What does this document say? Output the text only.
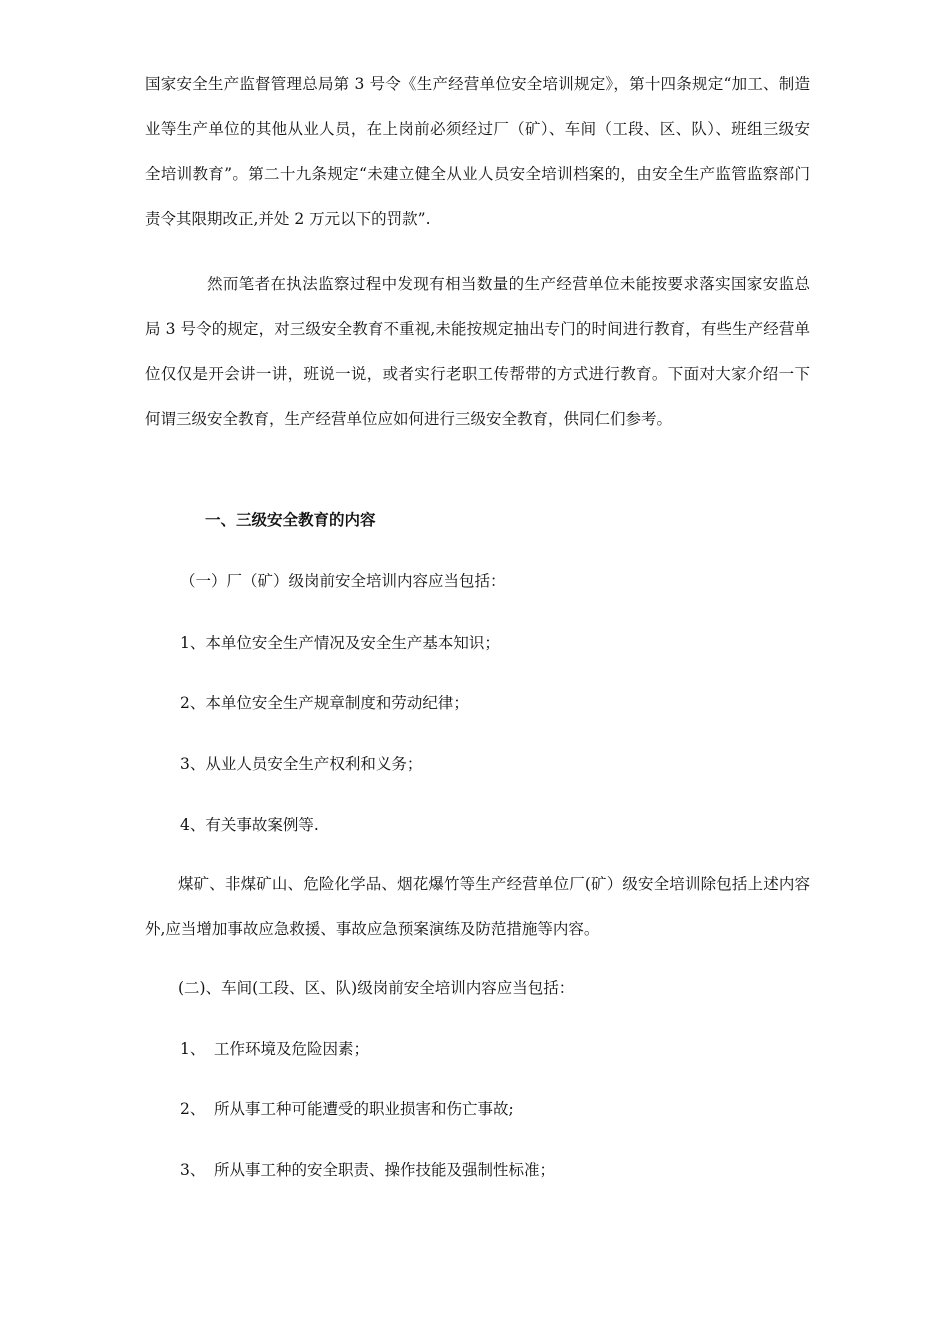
国家安全生产监督管理总局第 3 号令《生产经营单位安全培训规定》，第十四条规定“加工、制造业等生产单位的其他从业人员，在上岗前必须经过厂（矿）、车间（工段、区、队）、班组三级安全培训教育”。第二十九条规定“未建立健全从业人员安全培训档案的，由安全生产监管监察部门责令其限期改正,并处 2 万元以下的罚款”.

然而笔者在执法监察过程中发现有相当数量的生产经营单位未能按要求落实国家安监总局 3 号令的规定，对三级安全教育不重视,未能按规定抽出专门的时间进行教育，有些生产经营单位仅仅是开会讲一讲，班说一说，或者实行老职工传帮带的方式进行教育。下面对大家介绍一下何谓三级安全教育，生产经营单位应如何进行三级安全教育，供同仁们参考。

一、三级安全教育的内容

（一）厂（矿）级岗前安全培训内容应当包括：

1、本单位安全生产情况及安全生产基本知识；

2、本单位安全生产规章制度和劳动纪律；

3、从业人员安全生产权利和义务；

4、有关事故案例等.

煤矿、非煤矿山、危险化学品、烟花爆竹等生产经营单位厂(矿）级安全培训除包括上述内容外,应当增加事故应急救援、事故应急预案演练及防范措施等内容。

(二)、车间(工段、区、队)级岗前安全培训内容应当包括：

1、 工作环境及危险因素；

2、 所从事工种可能遭受的职业损害和伤亡事故;

3、 所从事工种的安全职责、操作技能及强制性标准；
